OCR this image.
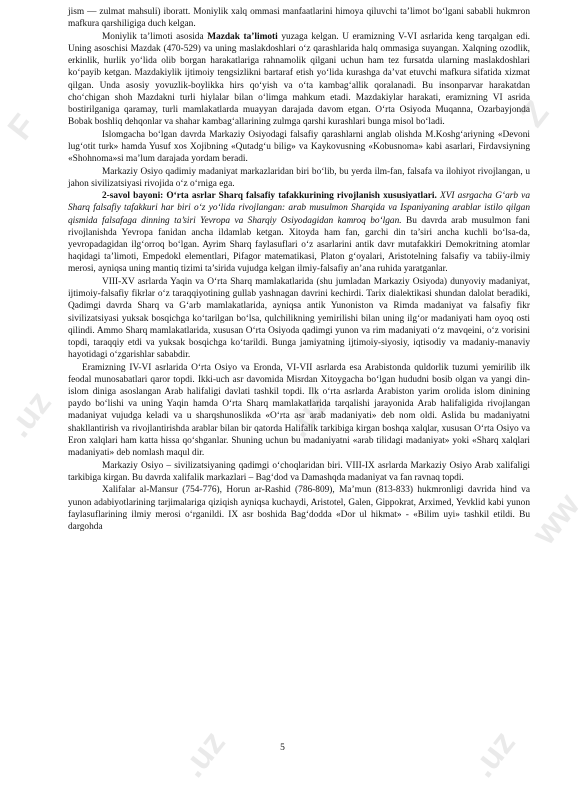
F
.uz	.uz
.uz	.uz
Z
ww

jism — zulmat mahsuli) iboratt. Moniylik xalq ommasi manfaatlarini himoya qiluvchi ta’limot bo‘lgani sababli hukmron mafkura qarshiligiga duch kelgan.

Moniylik ta’limoti asosida Mazdak ta’limoti yuzaga kelgan. U eramizning V-VI asrlarida keng tarqalgan edi. Uning asoschisi Mazdak (470-529) va uning maslakdoshlari o‘z qarashlarida halq ommasiga suyangan. Xalqning ozodlik, erkinlik, hurlik yo‘lida olib borgan harakatlariga rahnamolik qilgani uchun ham tez fursatda ularning maslakdoshlari ko‘payib ketgan. Mazdakiylik ijtimoiy tengsizlikni bartaraf etish yo‘lida kurashga da’vat etuvchi mafkura sifatida xizmat qilgan. Unda asosiy yovuzlik-boylikka hirs qo‘yish va o‘ta kambag‘allik qoralanadi. Bu insonparvar harakatdan cho‘chigan shoh Mazdakni turli hiylalar bilan o‘limga mahkum etadi. Mazdakiylar harakati, eramizning VI asrida bostirilganiga qaramay, turli mamlakatlarda muayyan darajada davom etgan. O‘rta Osiyoda Muqanna, Ozarbayjonda Bobak boshliq dehqonlar va shahar kambag‘allarining zulmga qarshi kurashlari bunga misol bo‘ladi.

Islomgacha bo‘lgan davrda Markaziy Osiyodagi falsafiy qarashlarni anglab olishda M.Koshg‘ariyning «Devoni lug‘otit turk» hamda Yusuf xos Xojibning «Qutadg‘u bilig» va Kaykovusning «Kobusnoma» kabi asarlari, Firdavsiyning «Shohnoma»si ma’lum darajada yordam beradi.

Markaziy Osiyo qadimiy madaniyat markazlaridan biri bo‘lib, bu yerda ilm-fan, falsafa va ilohiyot rivojlangan, u jahon sivilizatsiyasi rivojida o‘z o‘rniga ega.

2-savol bayoni: O‘rta asrlar Sharq falsafiy tafakkurining rivojlanish xususiyatlari. XVI asrgacha G‘arb va Sharq falsafiy tafakkuri har biri o‘z yo‘lida rivojlangan: arab musulmon Sharqida va Ispaniyaning arablar istilo qilgan qismida falsafaga dinning ta’siri Yevropa va Sharqiy Osiyodagidan kamroq bo‘lgan. Bu davrda arab musulmon fani rivojlanishda Yevropa fanidan ancha ildamlab ketgan. Xitoyda ham fan, garchi din ta’siri ancha kuchli bo‘lsa-da, yevropadagidan ilg‘orroq bo‘lgan. Ayrim Sharq faylasuflari o‘z asarlarini antik davr mutafakkiri Demokritning atomlar haqidagi ta’limoti, Empedokl elementlari, Pifagor matematikasi, Platon g‘oyalari, Aristotelning falsafiy va tabiiy-ilmiy merosi, ayniqsa uning mantiq tizimi ta’sirida vujudga kelgan ilmiy-falsafiy an’ana ruhida yaratganlar.

VIII-XV asrlarda Yaqin va O‘rta Sharq mamlakatlarida (shu jumladan Markaziy Osiyoda) dunyoviy madaniyat, ijtimoiy-falsafiy fikrlar o‘z taraqqiyotining gullab yashnagan davrini kechirdi. Tarix dialektikasi shundan dalolat beradiki, Qadimgi davrda Sharq va G‘arb mamlakatlarida, ayniqsa antik Yunoniston va Rimda madaniyat va falsafiy fikr sivilizatsiyasi yuksak bosqichga ko‘tarilgan bo‘lsa, qulchilikning yemirilishi bilan uning ilg‘or madaniyati ham oyoq osti qilindi. Ammo Sharq mamlakatlarida, xususan O‘rta Osiyoda qadimgi yunon va rim madaniyati o‘z mavqeini, o‘z vorisini topdi, taraqqiy etdi va yuksak bosqichga ko‘tarildi. Bunga jamiyatning ijtimoiy-siyosiy, iqtisodiy va madaniy-manaviy hayotidagi o‘zgarishlar sababdir.

Eramizning IV-VI asrlarida O‘rta Osiyo va Eronda, VI-VII asrlarda esa Arabistonda quldorlik tuzumi yemirilib ilk feodal munosabatlari qaror topdi. Ikki-uch asr davomida Misrdan Xitoygacha bo‘lgan hududni bosib olgan va yangi din- islom diniga asoslangan Arab halifaligi davlati tashkil topdi. Ilk o‘rta asrlarda Arabiston yarim orolida islom dinining paydo bo‘lishi va uning Yaqin hamda O‘rta Sharq mamlakatlarida tarqalishi jarayonida Arab halifaligida rivojlangan madaniyat vujudga keladi va u sharqshunoslikda «O‘rta asr arab madaniyati» deb nom oldi. Aslida bu madaniyatni shakllantirish va rivojlantirishda arablar bilan bir qatorda Halifalik tarkibiga kirgan boshqa xalqlar, xususan O‘rta Osiyo va Eron xalqlari ham katta hissa qo‘shganlar. Shuning uchun bu madaniyatni «arab tilidagi madaniyat» yoki «Sharq xalqlari madaniyati» deb nomlash maqul dir.

Markaziy Osiyo – sivilizatsiyaning qadimgi o‘choqlaridan biri. VIII-IX asrlarda Markaziy Osiyo Arab xalifaligi tarkibiga kirgan. Bu davrda xalifalik markazlari – Bag‘dod va Damashqda madaniyat va fan ravnaq topdi.

Xalifalar al-Mansur (754-776), Horun ar-Rashid (786-809), Ma’mun (813-833) hukmronligi davrida hind va yunon adabiyotlarining tarjimalariga qiziqish ayniqsa kuchaydi, Aristotel, Galen, Gippokrat, Arximed, Yevklid kabi yunon faylasuflarining ilmiy merosi o‘rganildi. IX asr boshida Bag‘dodda «Dor ul hikmat» - «Bilim uyi» tashkil etildi. Bu dargohda

5
